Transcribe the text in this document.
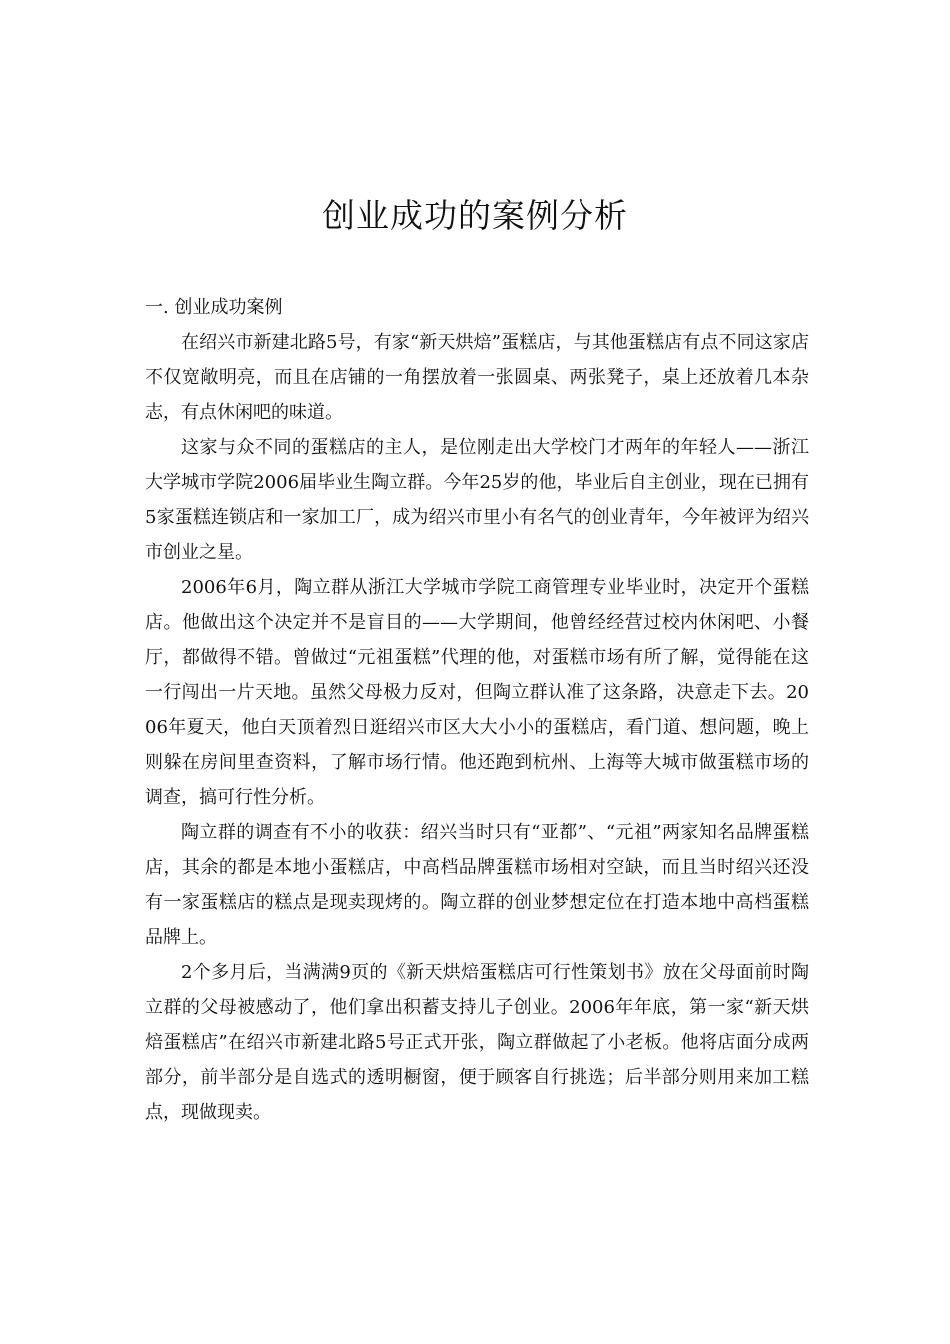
创业成功的案例分析

一. 创业成功案例

在绍兴市新建北路5号，有家“新天烘焙”蛋糕店，与其他蛋糕店有点不同这家店不仅宽敞明亮，而且在店铺的一角摆放着一张圆桌、两张凳子，桌上还放着几本杂志，有点休闲吧的味道。

这家与众不同的蛋糕店的主人，是位刚走出大学校门才两年的年轻人——浙江大学城市学院2006届毕业生陶立群。今年25岁的他，毕业后自主创业，现在已拥有5家蛋糕连锁店和一家加工厂，成为绍兴市里小有名气的创业青年，今年被评为绍兴市创业之星。

2006年6月，陶立群从浙江大学城市学院工商管理专业毕业时，决定开个蛋糕店。他做出这个决定并不是盲目的——大学期间，他曾经经营过校内休闲吧、小餐厅，都做得不错。曾做过“元祖蛋糕”代理的他，对蛋糕市场有所了解，觉得能在这一行闯出一片天地。虽然父母极力反对，但陶立群认准了这条路，决意走下去。2006年夏天，他白天顶着烈日逛绍兴市区大大小小的蛋糕店，看门道、想问题，晚上则躲在房间里查资料，了解市场行情。他还跑到杭州、上海等大城市做蛋糕市场的调查，搞可行性分析。

陶立群的调查有不小的收获：绍兴当时只有“亚都”、“元祖”两家知名品牌蛋糕店，其余的都是本地小蛋糕店，中高档品牌蛋糕市场相对空缺，而且当时绍兴还没有一家蛋糕店的糕点是现卖现烤的。陶立群的创业梦想定位在打造本地中高档蛋糕品牌上。

2个多月后，当满满9页的《新天烘焙蛋糕店可行性策划书》放在父母面前时陶立群的父母被感动了，他们拿出积蓄支持儿子创业。2006年年底，第一家“新天烘焙蛋糕店”在绍兴市新建北路5号正式开张，陶立群做起了小老板。他将店面分成两部分，前半部分是自选式的透明橱窗，便于顾客自行挑选；后半部分则用来加工糕点，现做现卖。
